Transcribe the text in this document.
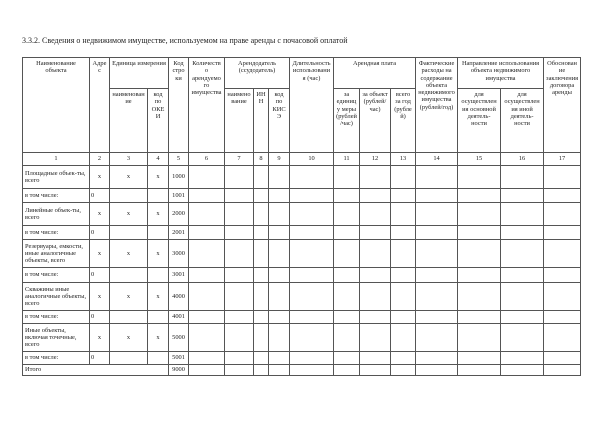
3.3.2. Сведения о недвижимом имуществе, используемом на праве аренды с почасовой оплатой
Наименование объекта	Адрес	Единица измерения		Код строки	Количество арендуемого имущества	Арендодатель (ссудодатель)			Длительность использования (час)	Арендная плата			Фактические расходы на содержание объекта недвижимого имущества (рублей/год)	Направление использования объекта недвижимого имущества		Обоснование заключения договора аренды
		наименование	код по ОКЕИ			наименование	ИНН	код по КИСЭ		за единицу меры (рублей/час)	за объект (рублей/час)	всего за год (рублей)		для осуществления основной деятель-ности	для осуществления иной деятель-ности	
1	2	3	4	5	6	7	8	9	10	11	12	13	14	15	16	17
Площадные объек-ты, всего	x	x	x	1000												
в том числе:	0			1001												
Линейные объек-ты, всего	x	x	x	2000												
в том числе:	0			2001												
Резервуары, емкости, иные аналогичные объекты, всего	x	x	x	3000												
в том числе:	0			3001												
Скважины иные аналогичные объекты, всего	x	x	x	4000												
в том числе:	0			4001												
Иные объекты, включая точечные, всего	x	x	x	5000												
в том числе:	0			5001												
Итого				9000												
